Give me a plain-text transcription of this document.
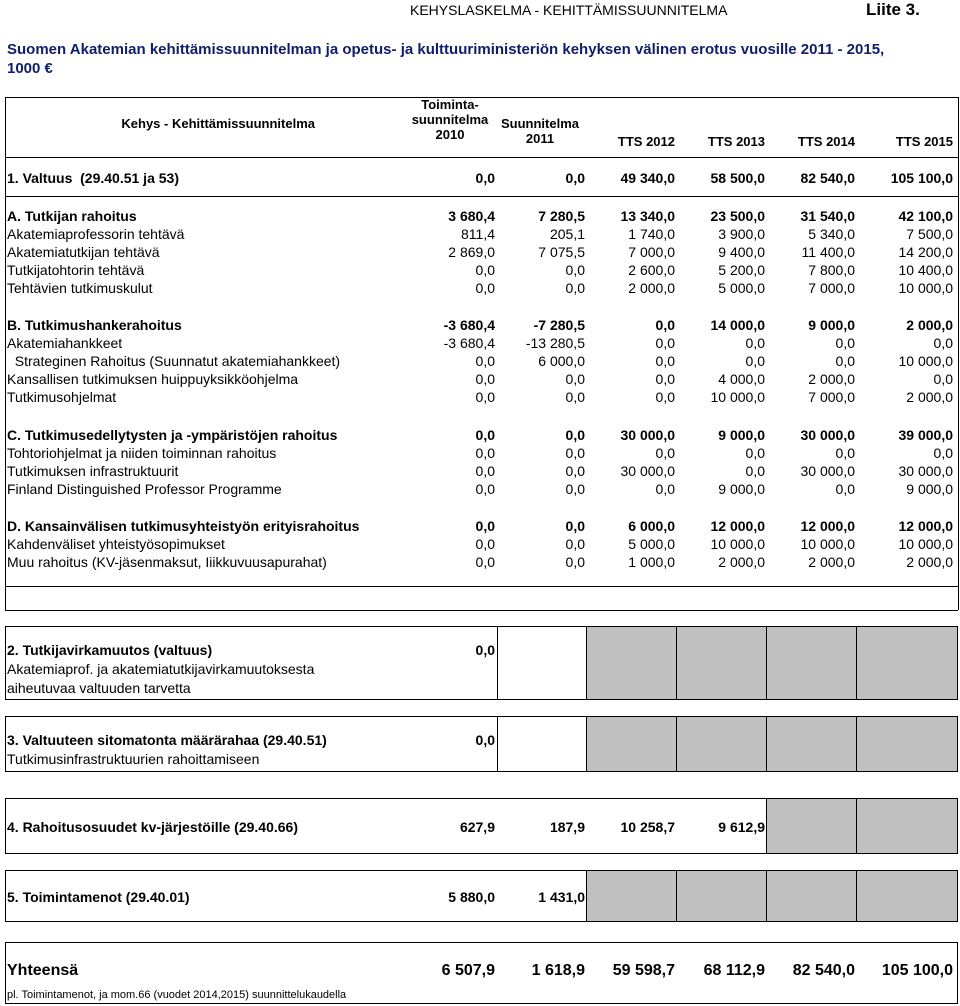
KEHYSLASKELMA - KEHITTÄMISSUUNNITELMA	Liite 3.
Suomen Akatemian kehittämissuunnitelman ja opetus- ja kulttuuriministeriön kehyksen välinen erotus vuosille 2011 - 2015, 1000 €
Kehys - Kehittämissuunnitelma
Toiminta-
suunnitelma
2010
Suunnitelma
2011	TTS 2012	TTS 2013	TTS 2014	TTS 2015
1. Valtuus  (29.40.51 ja 53)	0,0	0,0	49 340,0	58 500,0	82 540,0	105 100,0
A. Tutkijan rahoitus	3 680,4	7 280,5	13 340,0	23 500,0	31 540,0	42 100,0
Akatemiaprofessorin tehtävä	811,4	205,1	1 740,0	3 900,0	5 340,0	7 500,0
Akatemiatutkijan tehtävä	2 869,0	7 075,5	7 000,0	9 400,0	11 400,0	14 200,0
Tutkijatohtorin tehtävä	0,0	0,0	2 600,0	5 200,0	7 800,0	10 400,0
Tehtävien tutkimuskulut	0,0	0,0	2 000,0	5 000,0	7 000,0	10 000,0
B. Tutkimushankerahoitus	-3 680,4	-7 280,5	0,0	14 000,0	9 000,0	2 000,0
Akatemiahankkeet	-3 680,4	-13 280,5	0,0	0,0	0,0	0,0
Strateginen Rahoitus (Suunnatut akatemiahankkeet)	0,0	6 000,0	0,0	0,0	0,0	10 000,0
Kansallisen tutkimuksen huippuyksikköohjelma	0,0	0,0	0,0	4 000,0	2 000,0	0,0
Tutkimusohjelmat	0,0	0,0	0,0	10 000,0	7 000,0	2 000,0
C. Tutkimusedellytysten ja -ympäristöjen rahoitus	0,0	0,0	30 000,0	9 000,0	30 000,0	39 000,0
Tohtoriohjelmat ja niiden toiminnan rahoitus	0,0	0,0	0,0	0,0	0,0	0,0
Tutkimuksen infrastruktuurit	0,0	0,0	30 000,0	0,0	30 000,0	30 000,0
Finland Distinguished Professor Programme	0,0	0,0	0,0	9 000,0	0,0	9 000,0
D. Kansainvälisen tutkimusyhteistyön erityisrahoitus	0,0	0,0	6 000,0	12 000,0	12 000,0	12 000,0
Kahdenväliset yhteistyösopimukset	0,0	0,0	5 000,0	10 000,0	10 000,0	10 000,0
Muu rahoitus (KV-jäsenmaksut, Iiikkuvuusapurahat)	0,0	0,0	1 000,0	2 000,0	2 000,0	2 000,0
2. Tutkijavirkamuutos (valtuus)	0,0
Akatemiaprof. ja akatemiatutkijavirkamuutoksesta
aiheutuvaa valtuuden tarvetta
3. Valtuuteen sitomatonta määrärahaa (29.40.51)	0,0
Tutkimusinfrastruktuurien rahoittamiseen
4. Rahoitusosuudet kv-järjestöille (29.40.66)	627,9	187,9	10 258,7	9 612,9
5. Toimintamenot (29.40.01)	5 880,0	1 431,0
Yhteensä	6 507,9	1 618,9	59 598,7	68 112,9	82 540,0	105 100,0
pl. Toimintamenot, ja mom.66 (vuodet 2014,2015) suunnittelukaudella
